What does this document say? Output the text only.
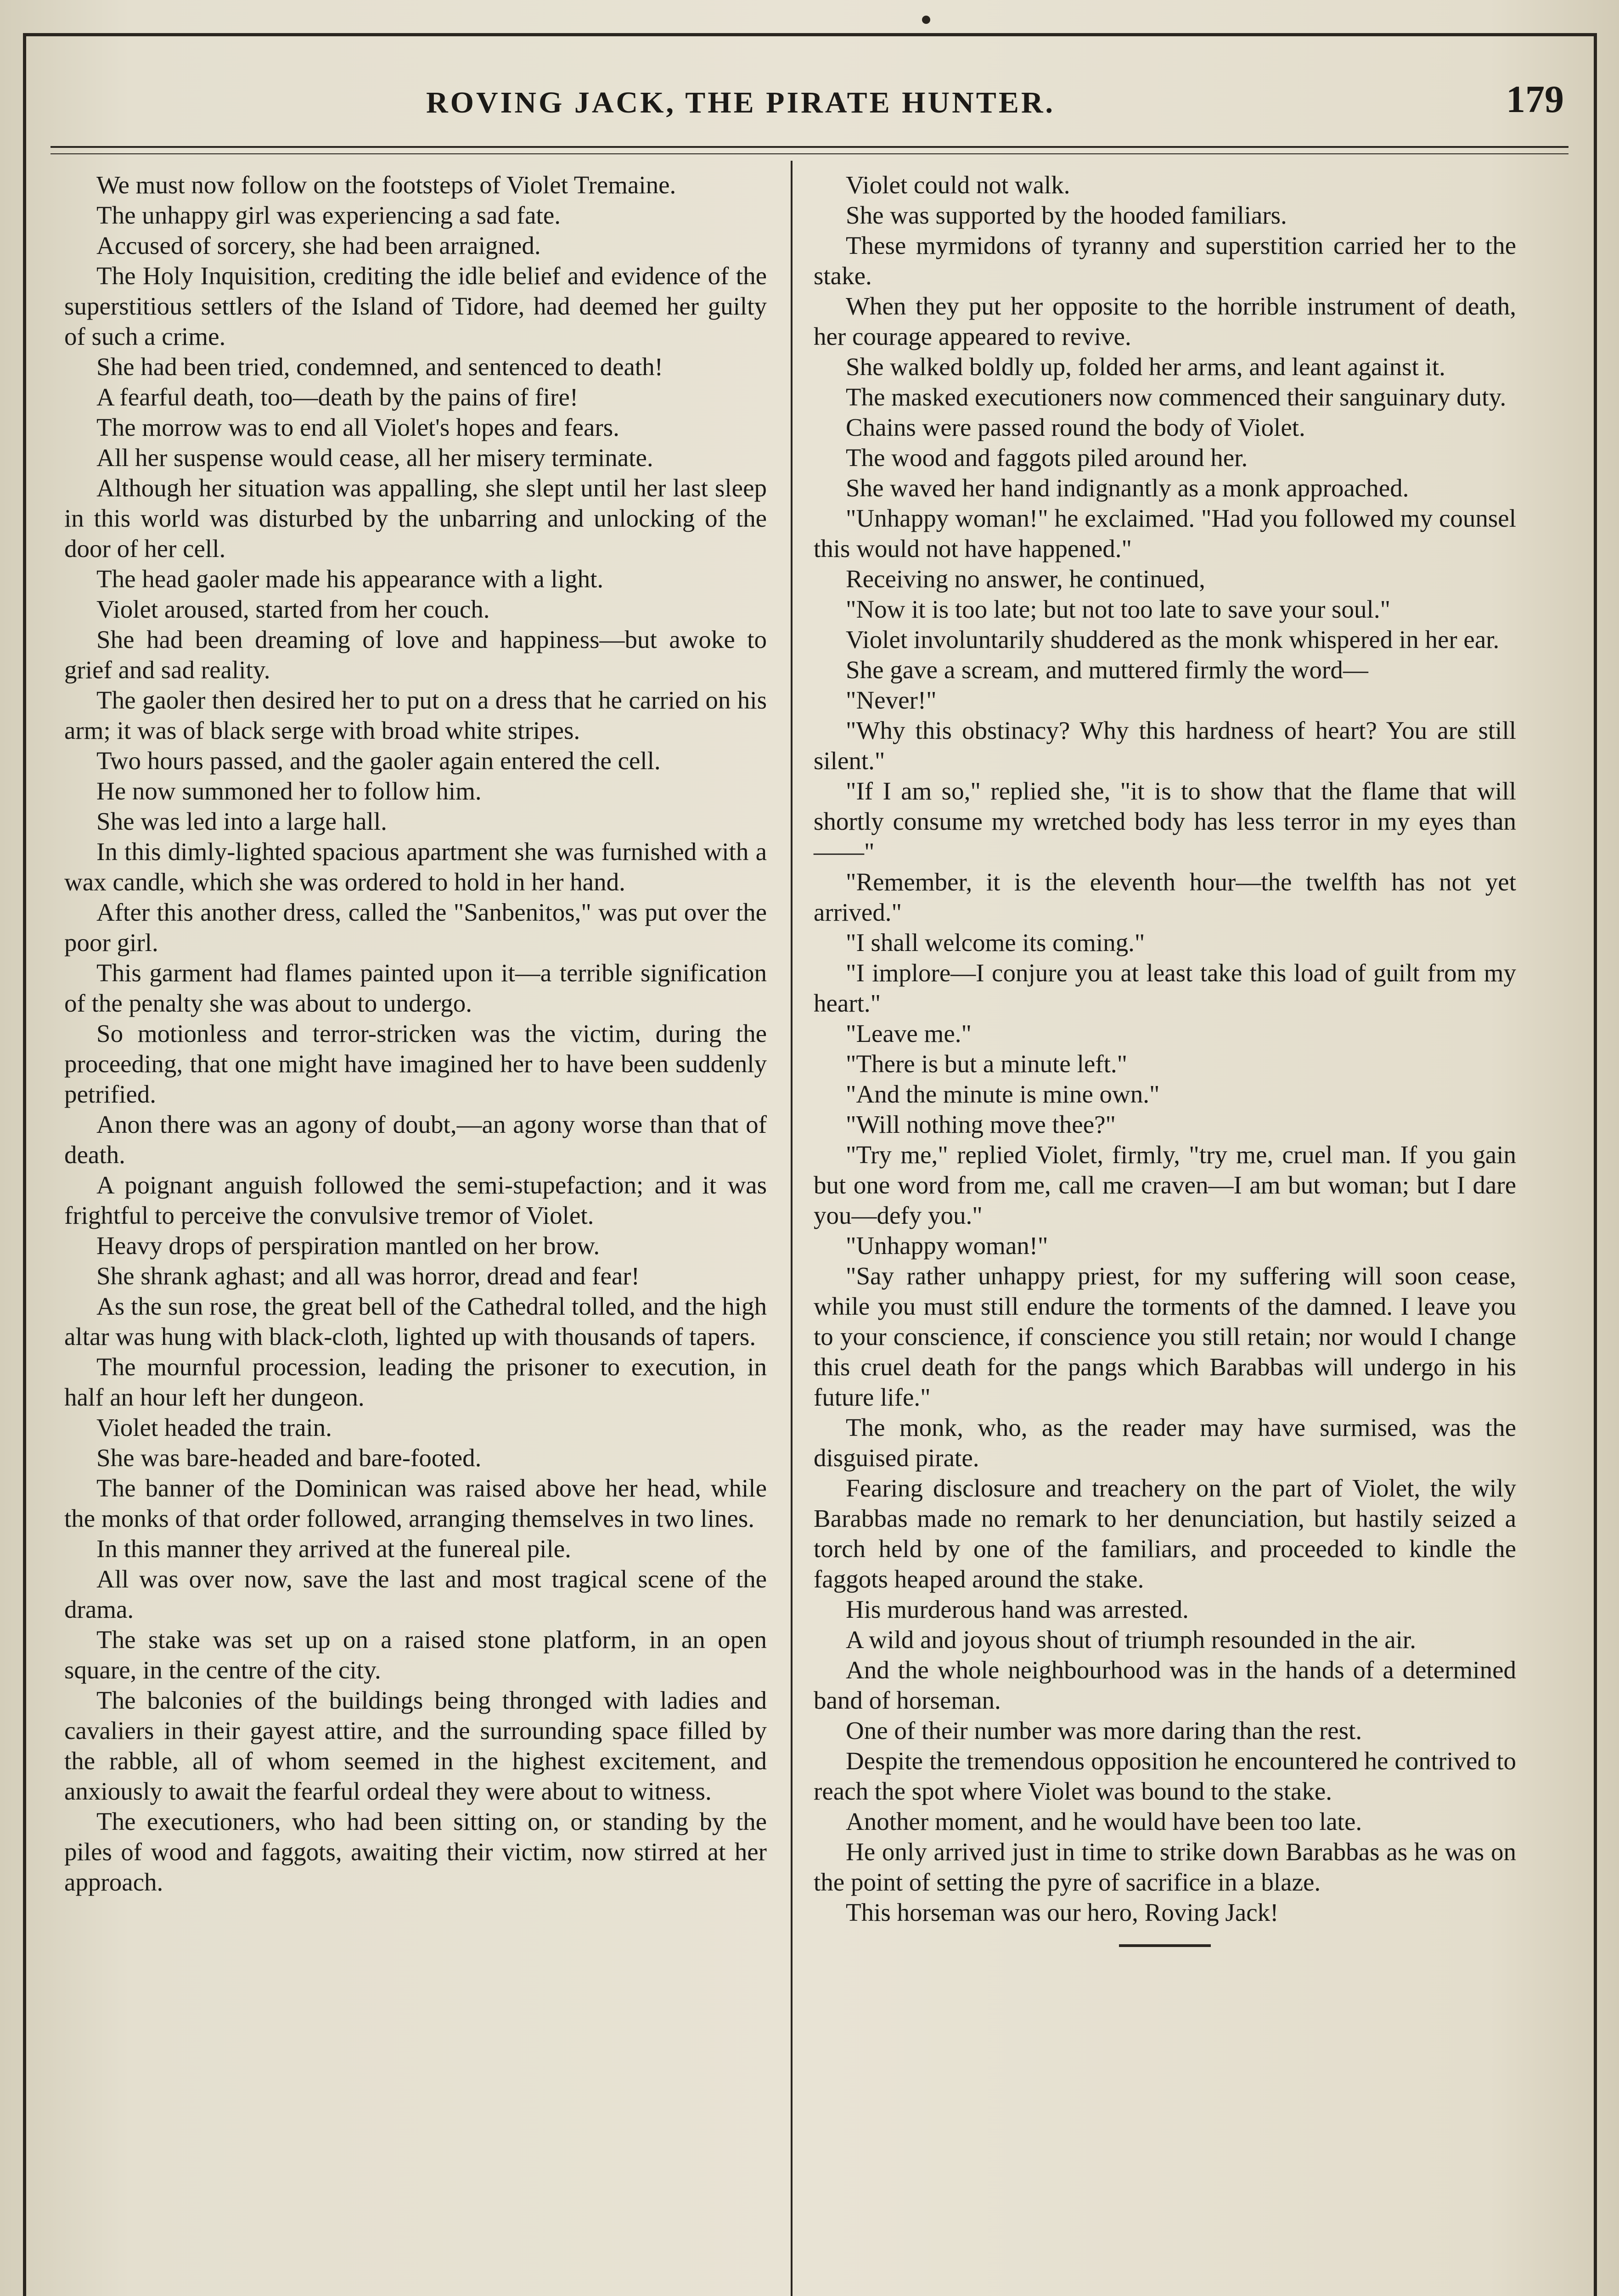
ROVING JACK, THE PIRATE HUNTER.	179

We must now follow on the footsteps of Violet Tremaine.

The unhappy girl was experiencing a sad fate.

Accused of sorcery, she had been arraigned.

The Holy Inquisition, crediting the idle belief and evidence of the superstitious settlers of the Island of Tidore, had deemed her guilty of such a crime.

She had been tried, condemned, and sentenced to death!

A fearful death, too—death by the pains of fire!

The morrow was to end all Violet's hopes and fears.

All her suspense would cease, all her misery terminate.

Although her situation was appalling, she slept until her last sleep in this world was disturbed by the unbarring and unlocking of the door of her cell.

The head gaoler made his appearance with a light.

Violet aroused, started from her couch.

She had been dreaming of love and happiness—but awoke to grief and sad reality.

The gaoler then desired her to put on a dress that he carried on his arm; it was of black serge with broad white stripes.

Two hours passed, and the gaoler again entered the cell.

He now summoned her to follow him.

She was led into a large hall.

In this dimly-lighted spacious apartment she was furnished with a wax candle, which she was ordered to hold in her hand.

After this another dress, called the "Sanbenitos," was put over the poor girl.

This garment had flames painted upon it—a terrible signification of the penalty she was about to undergo.

So motionless and terror-stricken was the victim, during the proceeding, that one might have imagined her to have been suddenly petrified.

Anon there was an agony of doubt,—an agony worse than that of death.

A poignant anguish followed the semi-stupefaction; and it was frightful to perceive the convulsive tremor of Violet.

Heavy drops of perspiration mantled on her brow.

She shrank aghast; and all was horror, dread and fear!

As the sun rose, the great bell of the Cathedral tolled, and the high altar was hung with black-cloth, lighted up with thousands of tapers.

The mournful procession, leading the prisoner to execution, in half an hour left her dungeon.

Violet headed the train.

She was bare-headed and bare-footed.

The banner of the Dominican was raised above her head, while the monks of that order followed, arranging themselves in two lines.

In this manner they arrived at the funereal pile.

All was over now, save the last and most tragical scene of the drama.

The stake was set up on a raised stone platform, in an open square, in the centre of the city.

The balconies of the buildings being thronged with ladies and cavaliers in their gayest attire, and the surrounding space filled by the rabble, all of whom seemed in the highest excitement, and anxiously to await the fearful ordeal they were about to witness.

The executioners, who had been sitting on, or standing by the piles of wood and faggots, awaiting their victim, now stirred at her approach.

Violet could not walk.

She was supported by the hooded familiars.

These myrmidons of tyranny and superstition carried her to the stake.

When they put her opposite to the horrible instrument of death, her courage appeared to revive.

She walked boldly up, folded her arms, and leant against it.

The masked executioners now commenced their sanguinary duty.

Chains were passed round the body of Violet.

The wood and faggots piled around her.

She waved her hand indignantly as a monk approached.

"Unhappy woman!" he exclaimed. "Had you followed my counsel this would not have happened."

Receiving no answer, he continued,

"Now it is too late; but not too late to save your soul."

Violet involuntarily shuddered as the monk whispered in her ear.

She gave a scream, and muttered firmly the word—

"Never!"

"Why this obstinacy? Why this hardness of heart? You are still silent."

"If I am so," replied she, "it is to show that the flame that will shortly consume my wretched body has less terror in my eyes than——"

"Remember, it is the eleventh hour—the twelfth has not yet arrived."

"I shall welcome its coming."

"I implore—I conjure you at least take this load of guilt from my heart."

"Leave me."

"There is but a minute left."

"And the minute is mine own."

"Will nothing move thee?"

"Try me," replied Violet, firmly, "try me, cruel man. If you gain but one word from me, call me craven—I am but woman; but I dare you—defy you."

"Unhappy woman!"

"Say rather unhappy priest, for my suffering will soon cease, while you must still endure the torments of the damned. I leave you to your conscience, if conscience you still retain; nor would I change this cruel death for the pangs which Barabbas will undergo in his future life."

The monk, who, as the reader may have surmised, was the disguised pirate.

Fearing disclosure and treachery on the part of Violet, the wily Barabbas made no remark to her denunciation, but hastily seized a torch held by one of the familiars, and proceeded to kindle the faggots heaped around the stake.

His murderous hand was arrested.

A wild and joyous shout of triumph resounded in the air.

And the whole neighbourhood was in the hands of a determined band of horseman.

One of their number was more daring than the rest.

Despite the tremendous opposition he encountered he contrived to reach the spot where Violet was bound to the stake.

Another moment, and he would have been too late.

He only arrived just in time to strike down Barabbas as he was on the point of setting the pyre of sacrifice in a blaze.

This horseman was our hero, Roving Jack!
